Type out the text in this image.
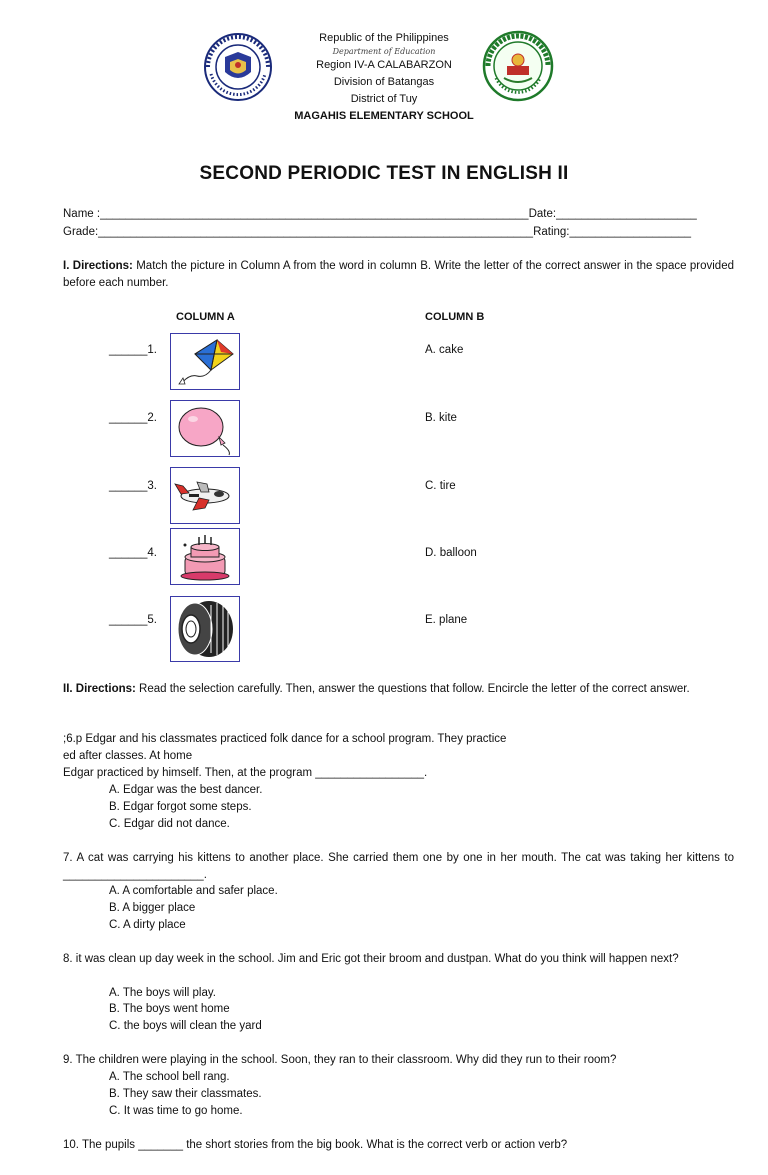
Republic of the Philippines
Department of Education
Region IV-A CALABARZON
Division of Batangas
District of Tuy
MAGAHIS ELEMENTARY SCHOOL
SECOND PERIODIC TEST IN ENGLISH II
Name :___________________________________________________________________Date:______________________
Grade:____________________________________________________________________Rating:___________________
I. Directions: Match the picture in Column A from the word in column B. Write the letter of the correct answer in the space provided before each number.
COLUMN A	COLUMN B
______1.	A. cake
______2.	B. kite
______3.	C. tire
______4.	D. balloon
______5.	E. plane
II. Directions: Read the selection carefully. Then, answer the questions that follow. Encircle the letter of the correct answer.
;6.p Edgar and his classmates practiced folk dance for a school program. They practice
ed after classes. At home
Edgar practiced by himself. Then, at the program _________________.
A. Edgar was the best dancer.
B. Edgar forgot some steps.
C. Edgar did not dance.
7. A cat was carrying his kittens to another place. She carried them one by one in her mouth. The cat was taking her kittens to ______________________.
A. A comfortable and safer place.
B. A bigger place
C. A dirty place
8. it was clean up day week in the school. Jim and Eric got their broom and dustpan. What do you think will happen next?
A. The boys will play.
B. The boys went home
C. the boys will clean the yard
9. The children were playing in the school. Soon, they ran to their classroom. Why did they run to their room?
A. The school bell rang.
B. They saw their classmates.
C. It was time to go home.
10. The pupils _______ the short stories from the big book. What is the correct verb or action verb?
